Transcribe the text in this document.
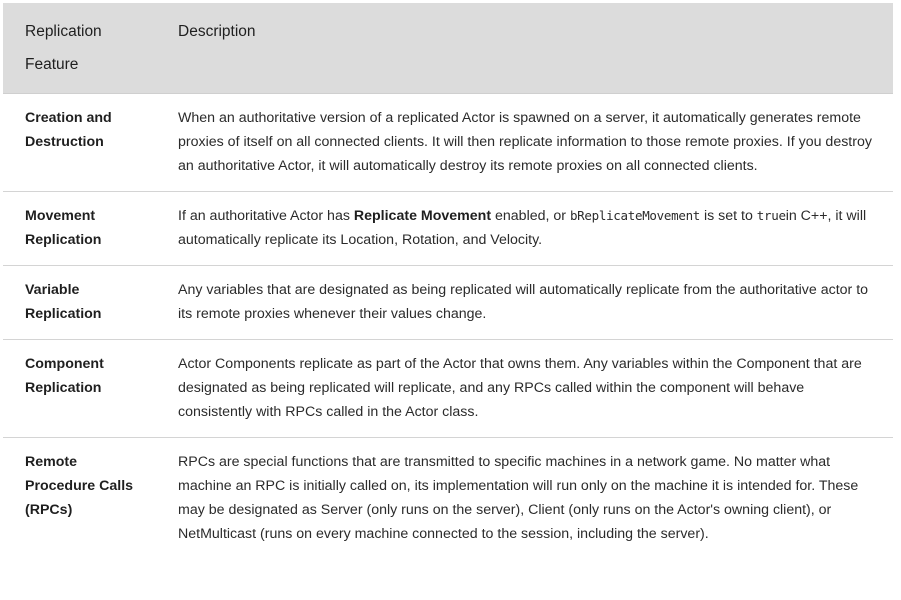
Replication Feature	Description
Creation and Destruction	When an authoritative version of a replicated Actor is spawned on a server, it automatically generates remote proxies of itself on all connected clients. It will then replicate information to those remote proxies. If you destroy an authoritative Actor, it will automatically destroy its remote proxies on all connected clients.
Movement Replication	If an authoritative Actor has Replicate Movement enabled, or bReplicateMovement is set to truein C++, it will automatically replicate its Location, Rotation, and Velocity.
Variable Replication	Any variables that are designated as being replicated will automatically replicate from the authoritative actor to its remote proxies whenever their values change.
Component Replication	Actor Components replicate as part of the Actor that owns them. Any variables within the Component that are designated as being replicated will replicate, and any RPCs called within the component will behave consistently with RPCs called in the Actor class.
Remote Procedure Calls (RPCs)	RPCs are special functions that are transmitted to specific machines in a network game. No matter what machine an RPC is initially called on, its implementation will run only on the machine it is intended for. These may be designated as Server (only runs on the server), Client (only runs on the Actor's owning client), or NetMulticast (runs on every machine connected to the session, including the server).
